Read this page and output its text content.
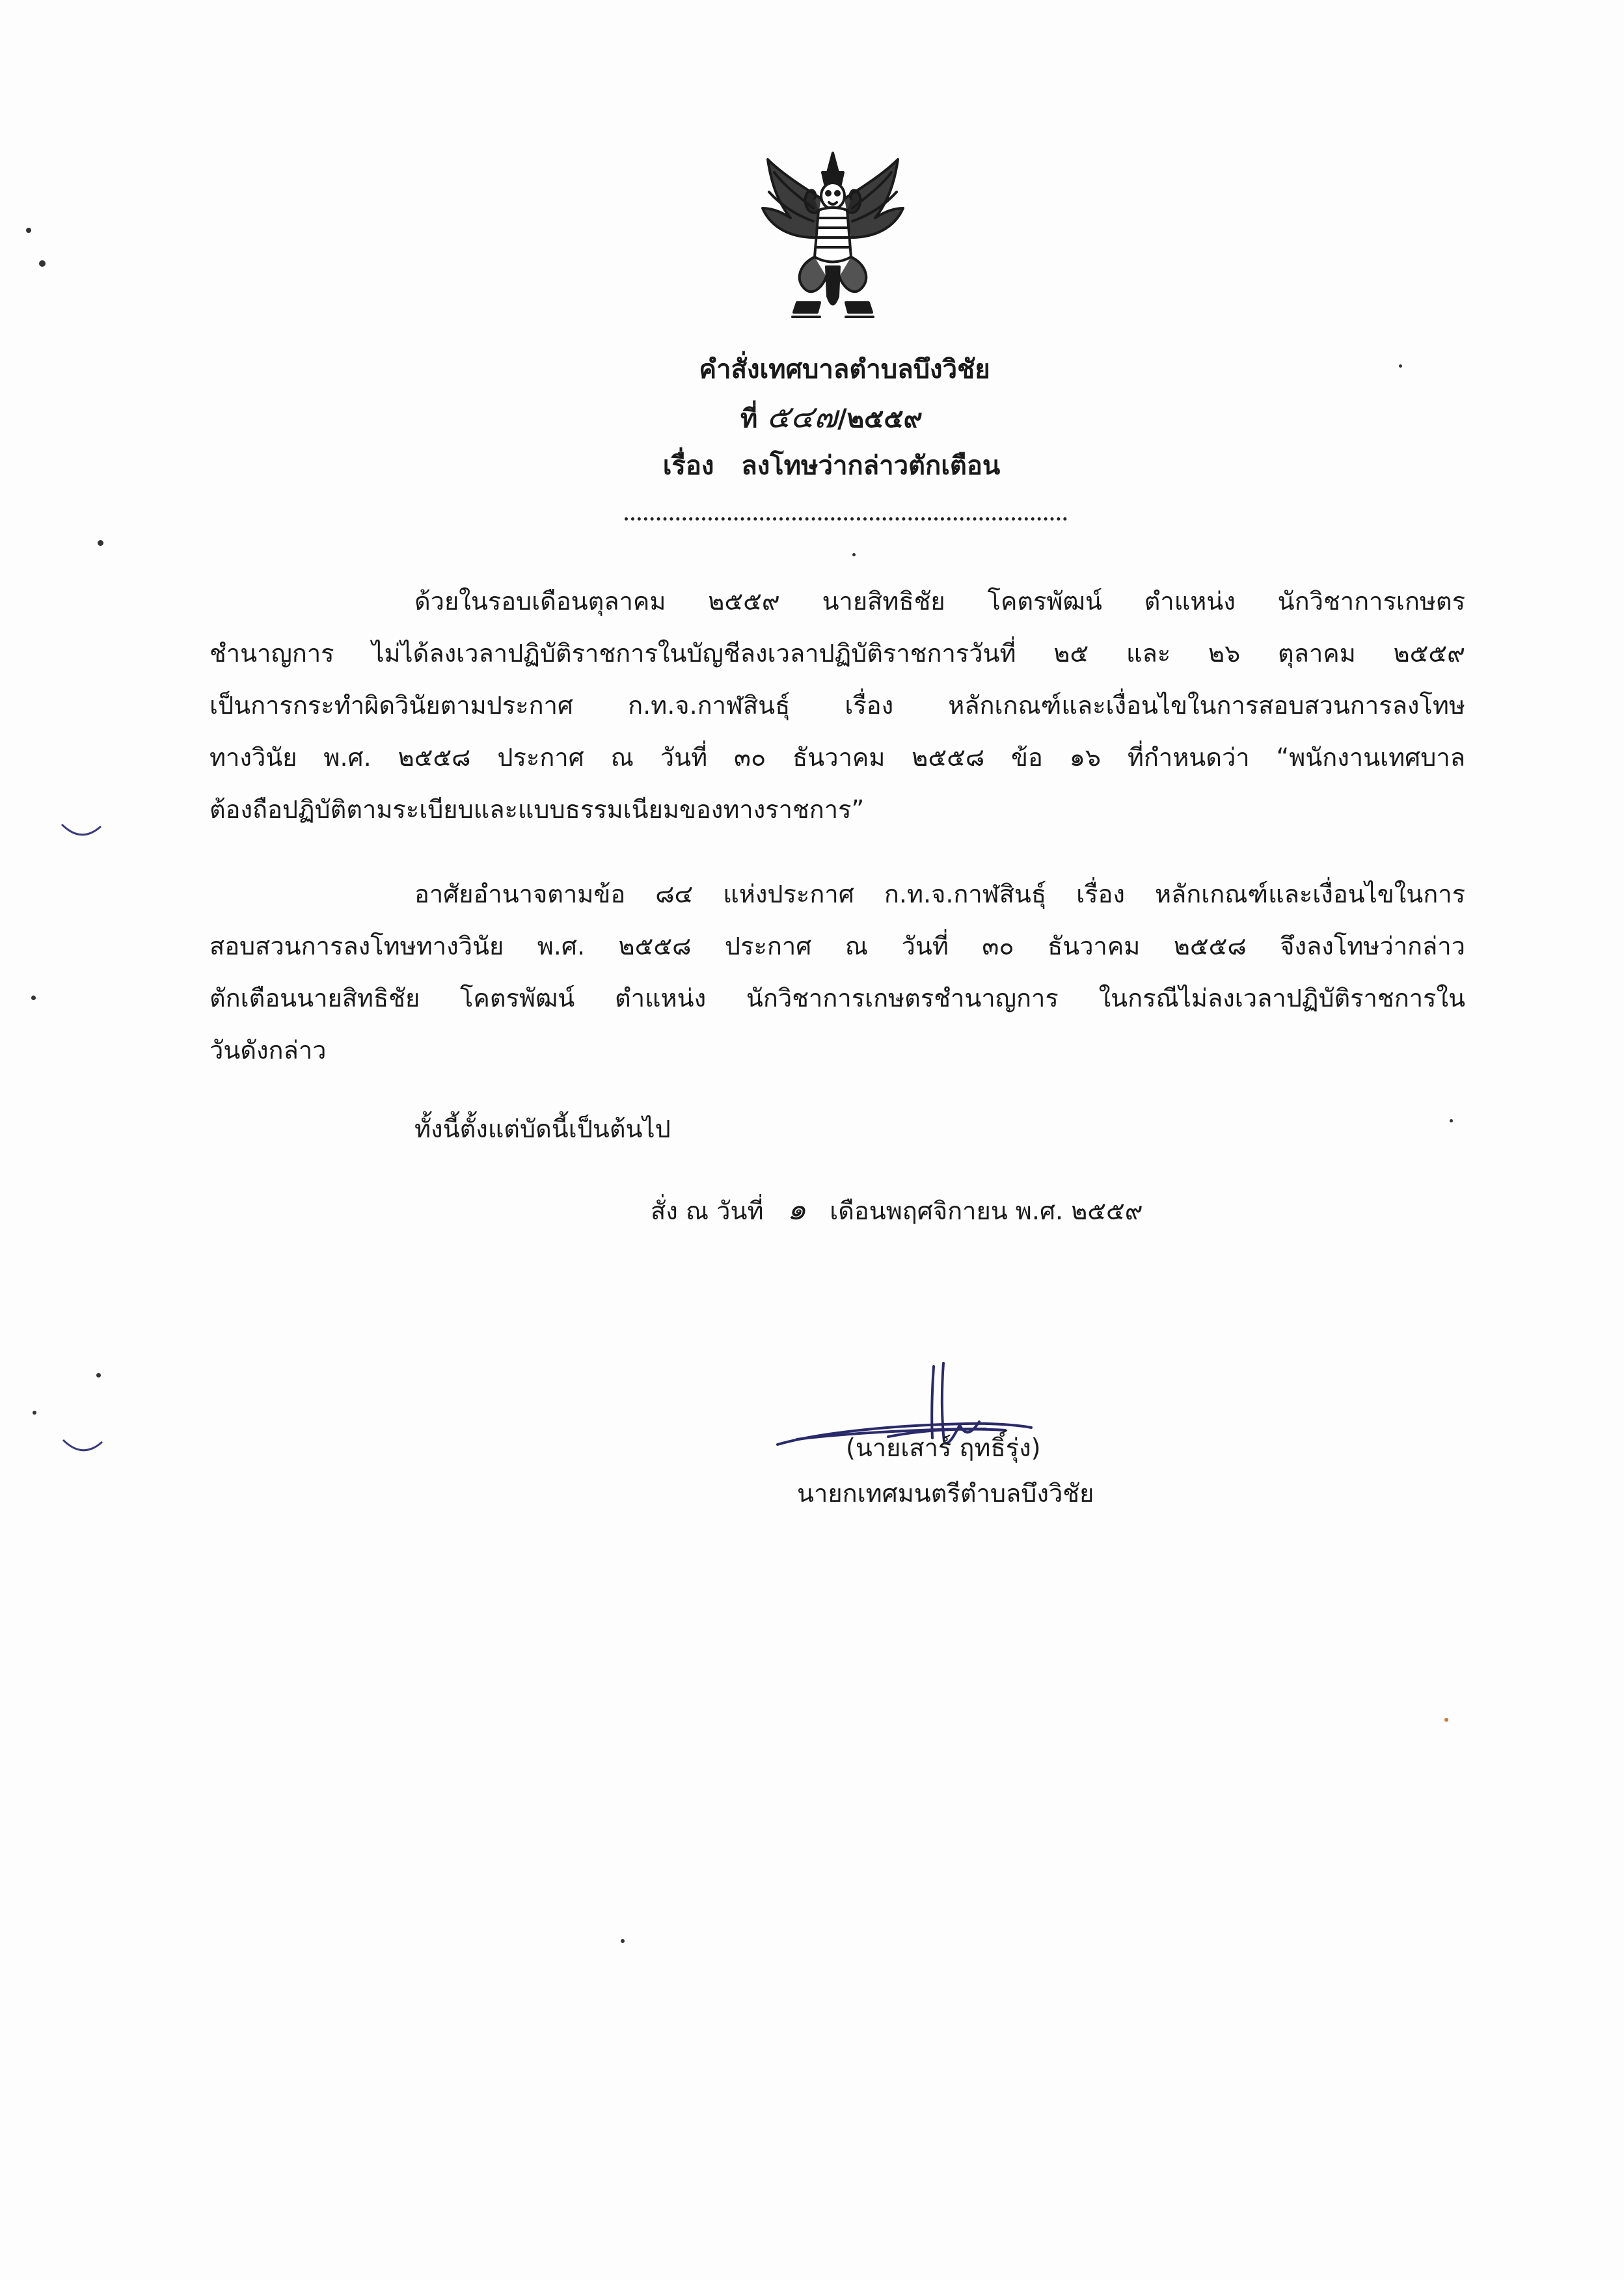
คำสั่งเทศบาลตำบลบึงวิชัย
ที่ ๕๔๗/๒๕๕๙
เรื่อง ลงโทษว่ากล่าวตักเตือน
ด้วยในรอบเดือนตุลาคม ๒๕๕๙ นายสิทธิชัย โคตรพัฒน์ ตำแหน่ง นักวิชาการเกษตร
ชำนาญการ ไม่ได้ลงเวลาปฏิบัติราชการในบัญชีลงเวลาปฏิบัติราชการวันที่ ๒๕ และ ๒๖ ตุลาคม ๒๕๕๙
เป็นการกระทำผิดวินัยตามประกาศ ก.ท.จ.กาฬสินธุ์ เรื่อง หลักเกณฑ์และเงื่อนไขในการสอบสวนการลงโทษ
ทางวินัย พ.ศ. ๒๕๕๘ ประกาศ ณ วันที่ ๓๐ ธันวาคม ๒๕๕๘ ข้อ ๑๖ ที่กำหนดว่า “พนักงานเทศบาล
ต้องถือปฏิบัติตามระเบียบและแบบธรรมเนียมของทางราชการ”
อาศัยอำนาจตามข้อ ๘๔ แห่งประกาศ ก.ท.จ.กาฬสินธุ์ เรื่อง หลักเกณฑ์และเงื่อนไขในการ
สอบสวนการลงโทษทางวินัย พ.ศ. ๒๕๕๘ ประกาศ ณ วันที่ ๓๐ ธันวาคม ๒๕๕๘ จึงลงโทษว่ากล่าว
ตักเตือนนายสิทธิชัย โคตรพัฒน์ ตำแหน่ง นักวิชาการเกษตรชำนาญการ ในกรณีไม่ลงเวลาปฏิบัติราชการใน
วันดังกล่าว
ทั้งนี้ตั้งแต่บัดนี้เป็นต้นไป
สั่ง ณ วันที่ ๑ เดือนพฤศจิกายน พ.ศ. ๒๕๕๙
(นายเสาร์ ฤทธิ์รุ่ง)
นายกเทศมนตรีตำบลบึงวิชัย
